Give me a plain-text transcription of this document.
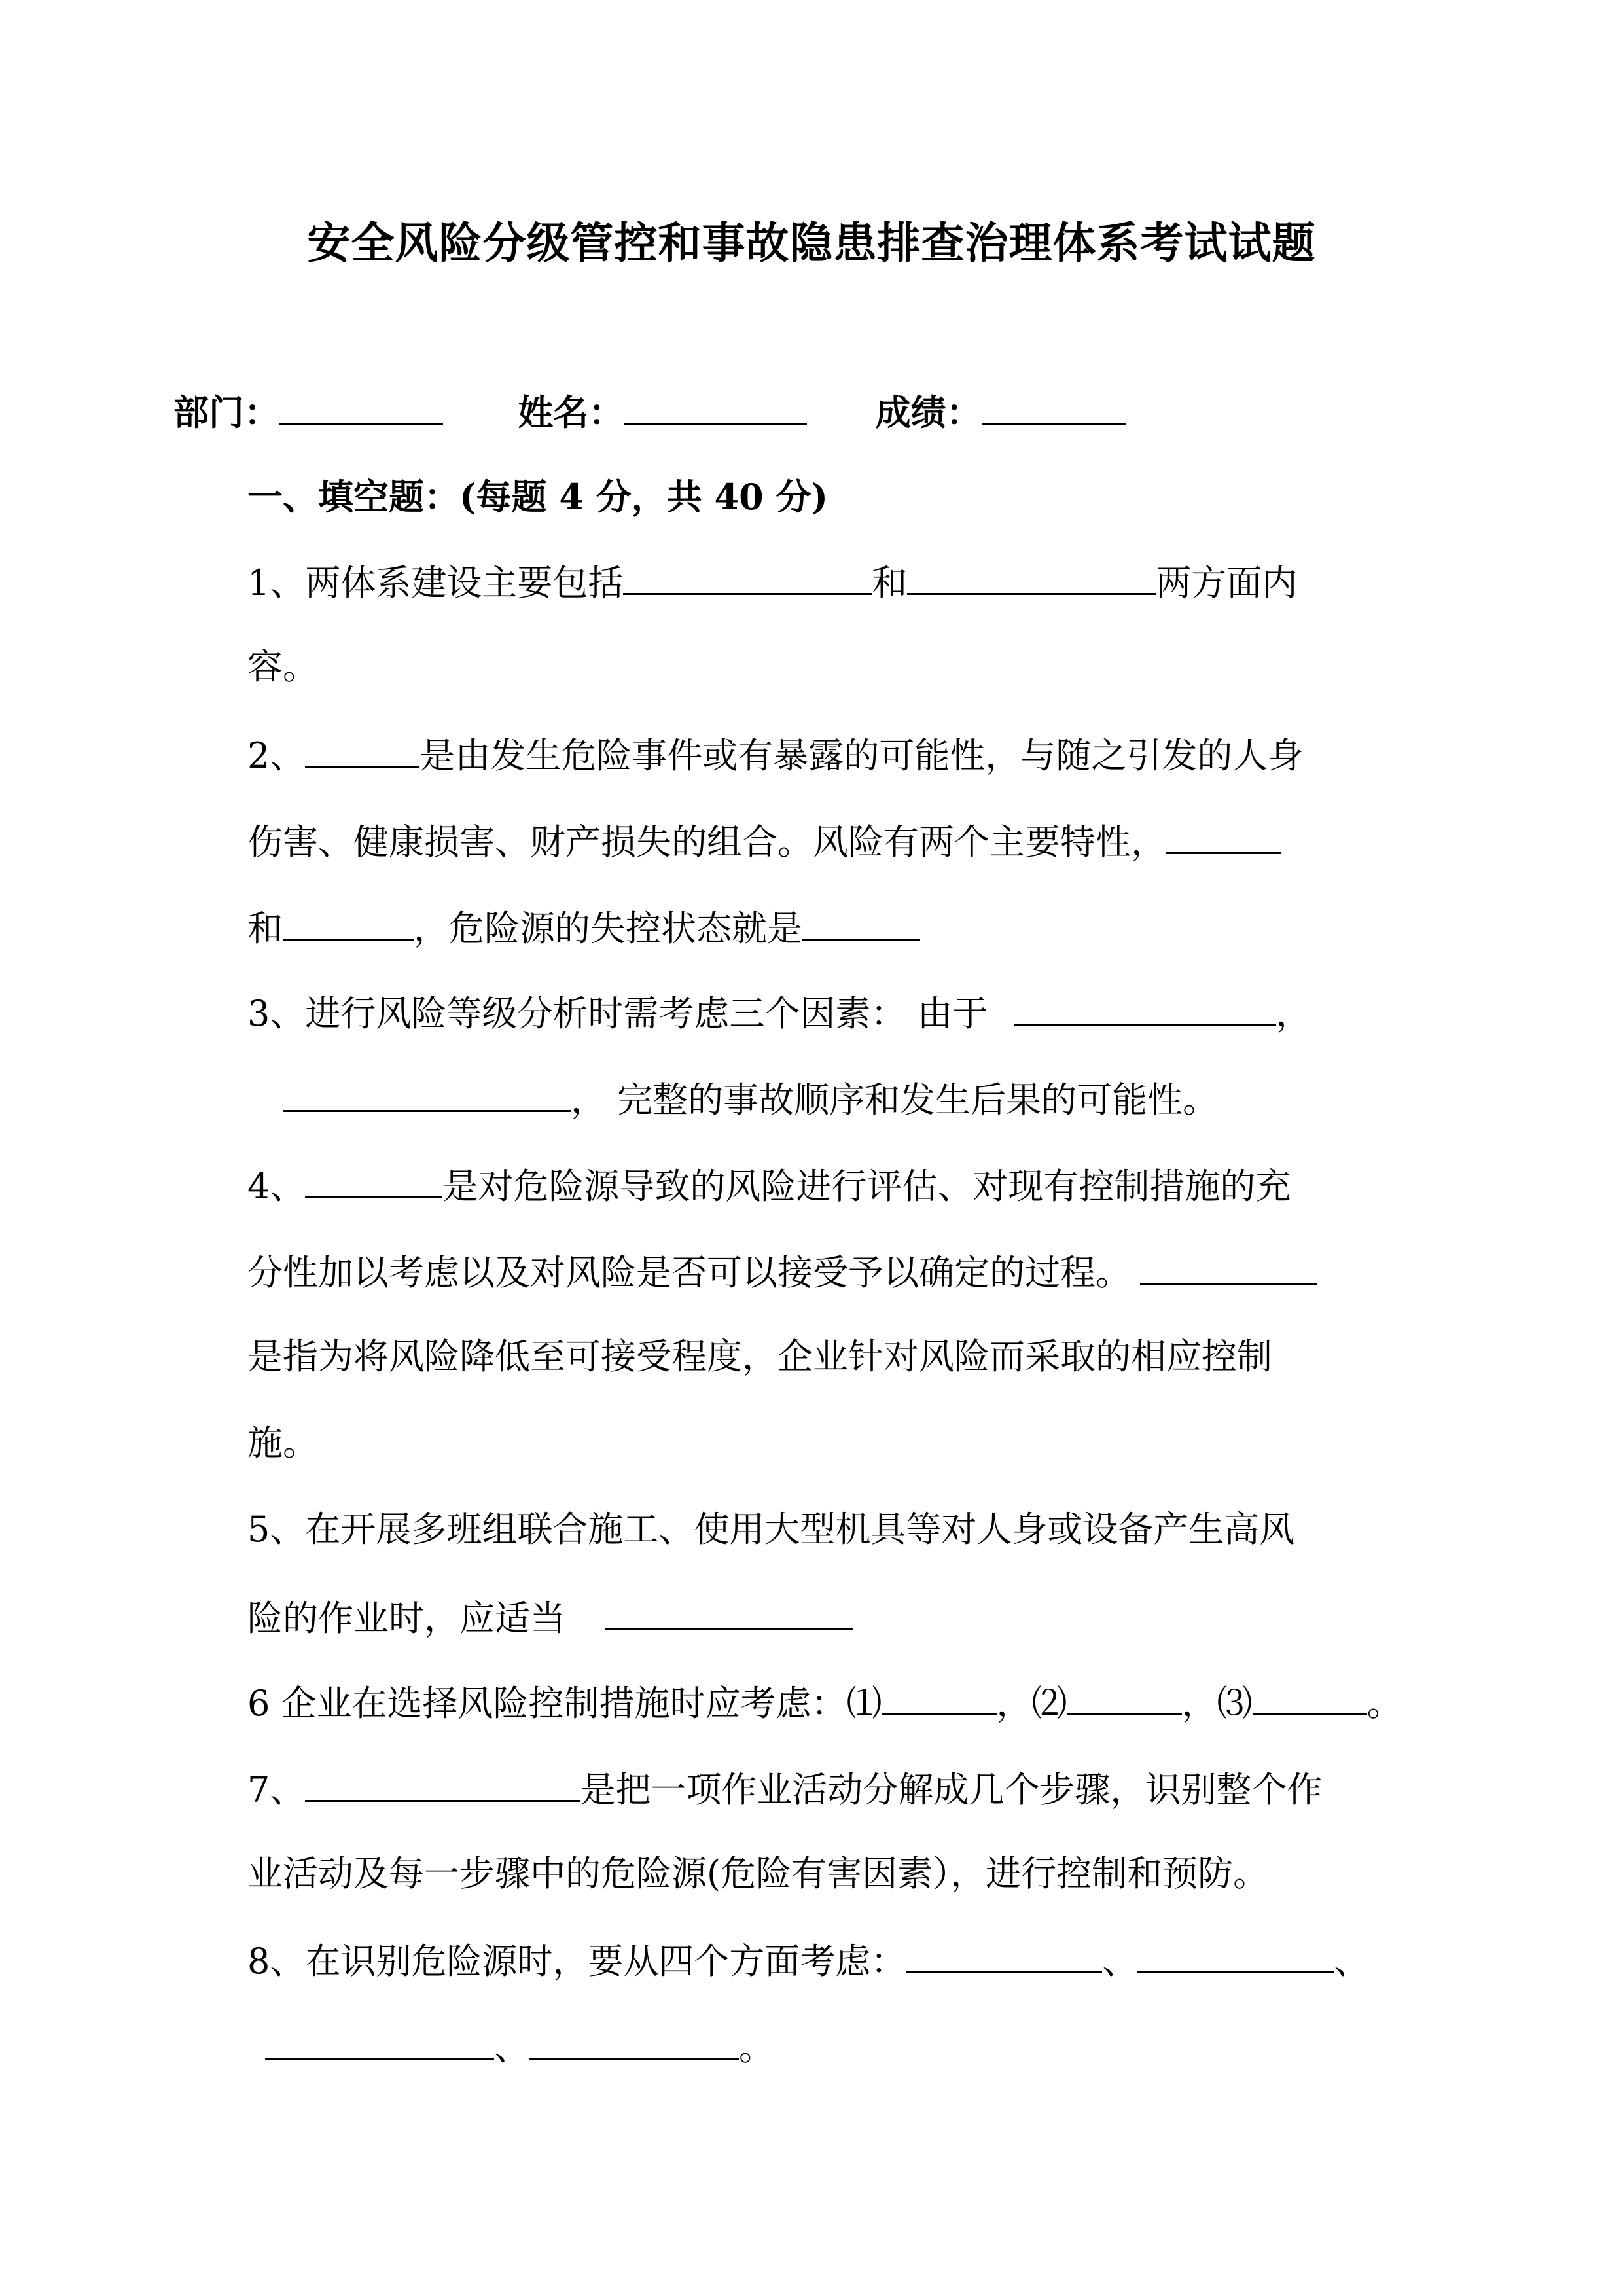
安全风险分级管控和事故隐患排查治理体系考试试题
部门：	姓名：	成绩：
一、填空题：(每题 4 分，共 40 分)
1、两体系建设主要包括	和	两方面内
容。
2、	是由发生危险事件或有暴露的可能性，与随之引发的人身
伤害、健康损害、财产损失的组合。风险有两个主要特性，
和	，危险源的失控状态就是
3、进行风险等级分析时需考虑三个因素： 由于	，
， 完整的事故顺序和发生后果的可能性。
4、	是对危险源导致的风险进行评估、对现有控制措施的充
分性加以考虑以及对风险是否可以接受予以确定的过程。
是指为将风险降低至可接受程度，企业针对风险而采取的相应控制
施。
5、在开展多班组联合施工、使用大型机具等对人身或设备产生高风
险的作业时，应适当
6 企业在选择风险控制措施时应考虑：⑴	，⑵	，⑶	。
7、	是把一项作业活动分解成几个步骤，识别整个作
业活动及每一步骤中的危险源(危险有害因素），进行控制和预防。
8、在识别危险源时，要从四个方面考虑：	、	、
、	。
